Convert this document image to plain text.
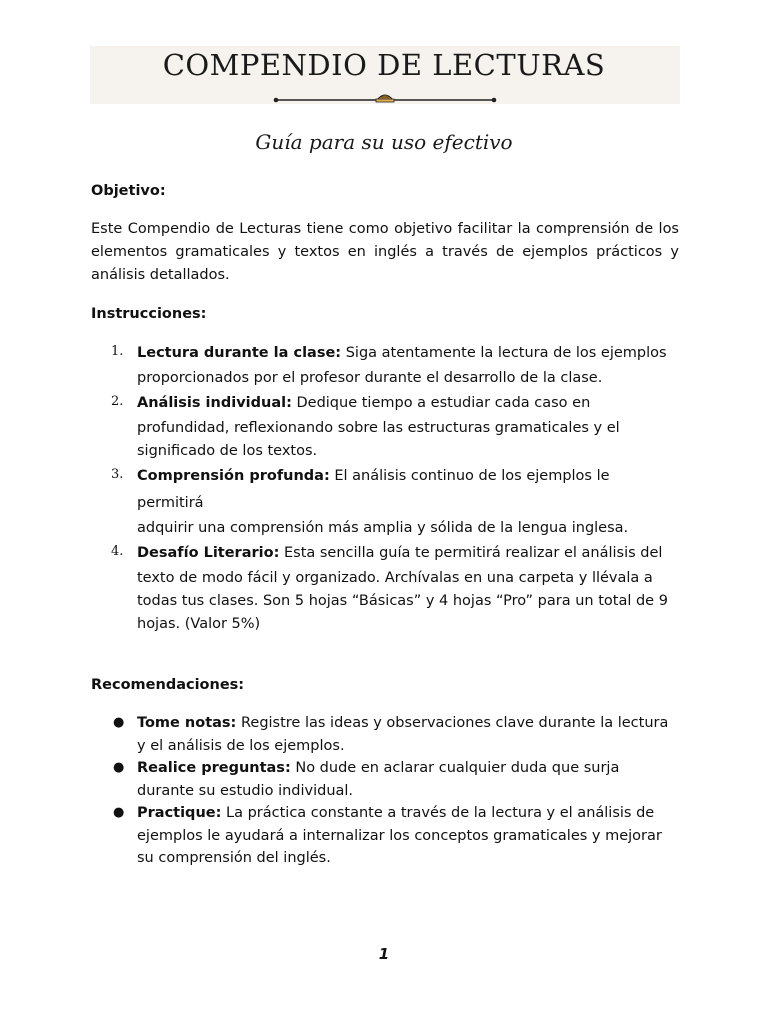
COMPENDIO DE LECTURAS
Guía para su uso efectivo

Objetivo:

Este Compendio de Lecturas tiene como objetivo facilitar la comprensión de los elementos gramaticales y textos en inglés a través de ejemplos prácticos y análisis detallados.

Instrucciones:

1. Lectura durante la clase: Siga atentamente la lectura de los ejemplos
proporcionados por el profesor durante el desarrollo de la clase.
2. Análisis individual: Dedique tiempo a estudiar cada caso en
profundidad, reflexionando sobre las estructuras gramaticales y el significado de los textos.
3. Comprensión profunda: El análisis continuo de los ejemplos le permitirá
adquirir una comprensión más amplia y sólida de la lengua inglesa.
4. Desafío Literario: Esta sencilla guía te permitirá realizar el análisis del
texto de modo fácil y organizado. Archívalas en una carpeta y llévala a todas tus clases. Son 5 hojas “Básicas” y 4 hojas “Pro” para un total de 9 hojas. (Valor 5%)

Recomendaciones:

● Tome notas: Registre las ideas y observaciones clave durante la lectura y el análisis de los ejemplos.
● Realice preguntas: No dude en aclarar cualquier duda que surja durante su estudio individual.
● Practique: La práctica constante a través de la lectura y el análisis de ejemplos le ayudará a internalizar los conceptos gramaticales y mejorar su comprensión del inglés.
1
